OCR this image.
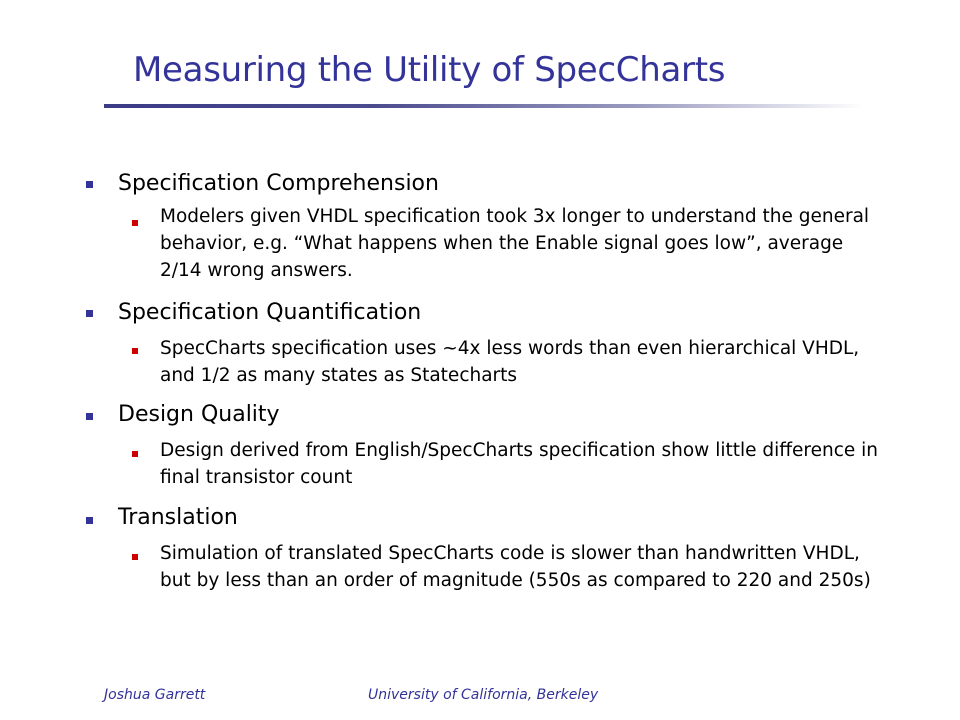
Measuring the Utility of SpecCharts
Specification Comprehension
Modelers given VHDL specification took 3x longer to understand the general behavior, e.g. “What happens when the Enable signal goes low”, average 2/14 wrong answers.
Specification Quantification
SpecCharts specification uses ~4x less words than even hierarchical VHDL, and 1/2 as many states as Statecharts
Design Quality
Design derived from English/SpecCharts specification show little difference in final transistor count
Translation
Simulation of translated SpecCharts code is slower than handwritten VHDL, but by less than an order of magnitude (550s as compared to 220 and 250s)
Joshua Garrett	University of California, Berkeley
